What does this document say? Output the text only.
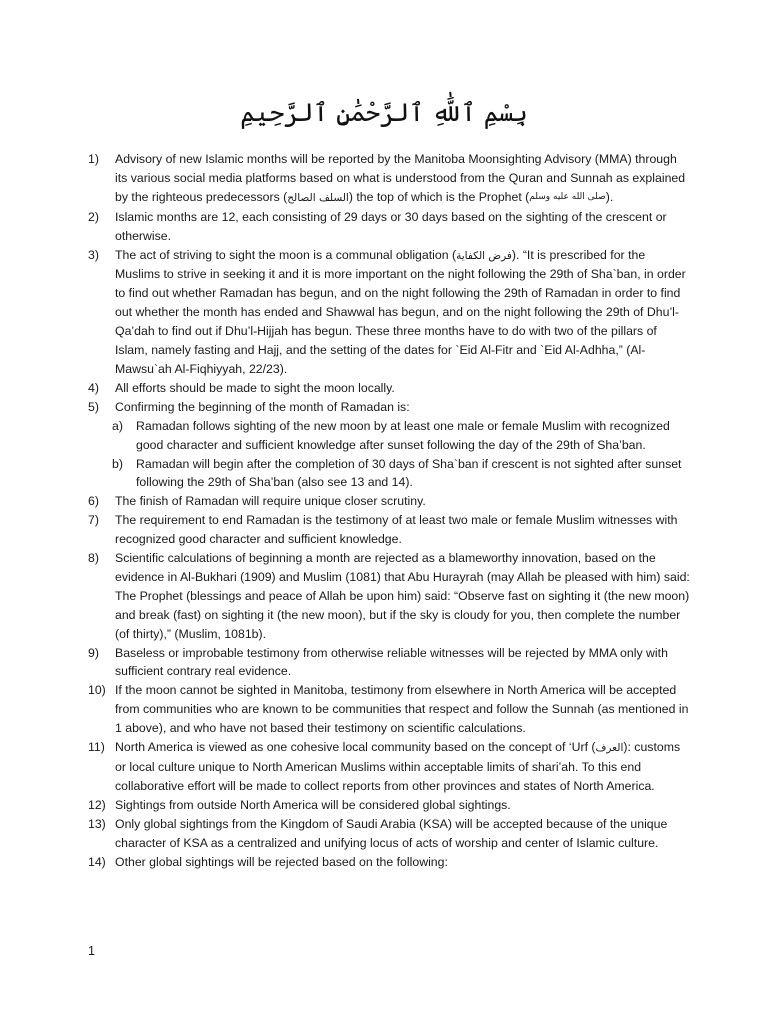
بِسْمِ ٱللَّٰهِ ٱلرَّحْمَٰنِ ٱلرَّحِيمِ
1) Advisory of new Islamic months will be reported by the Manitoba Moonsighting Advisory (MMA) through its various social media platforms based on what is understood from the Quran and Sunnah as explained by the righteous predecessors (السلف الصالح) the top of which is the Prophet (صلى الله عليه وسلم).
2) Islamic months are 12, each consisting of 29 days or 30 days based on the sighting of the crescent or otherwise.
3) The act of striving to sight the moon is a communal obligation (فرض الكفاية). “It is prescribed for the Muslims to strive in seeking it and it is more important on the night following the 29th of Sha`ban, in order to find out whether Ramadan has begun, and on the night following the 29th of Ramadan in order to find out whether the month has ended and Shawwal has begun, and on the night following the 29th of Dhu’l-Qa’dah to find out if Dhu’l-Hijjah has begun. These three months have to do with two of the pillars of Islam, namely fasting and Hajj, and the setting of the dates for `Eid Al-Fitr and `Eid Al-Adhha,” (Al-Mawsu`ah Al-Fiqhiyyah, 22/23).
4) All efforts should be made to sight the moon locally.
5) Confirming the beginning of the month of Ramadan is:
a) Ramadan follows sighting of the new moon by at least one male or female Muslim with recognized good character and sufficient knowledge after sunset following the day of the 29th of Sha’ban.
b) Ramadan will begin after the completion of 30 days of Sha`ban if crescent is not sighted after sunset following the 29th of Sha’ban (also see 13 and 14).
6) The finish of Ramadan will require unique closer scrutiny.
7) The requirement to end Ramadan is the testimony of at least two male or female Muslim witnesses with recognized good character and sufficient knowledge.
8) Scientific calculations of beginning a month are rejected as a blameworthy innovation, based on the evidence in Al-Bukhari (1909) and Muslim (1081) that Abu Hurayrah (may Allah be pleased with him) said: The Prophet (blessings and peace of Allah be upon him) said: “Observe fast on sighting it (the new moon) and break (fast) on sighting it (the new moon), but if the sky is cloudy for you, then complete the number (of thirty),” (Muslim, 1081b).
9) Baseless or improbable testimony from otherwise reliable witnesses will be rejected by MMA only with sufficient contrary real evidence.
10) If the moon cannot be sighted in Manitoba, testimony from elsewhere in North America will be accepted from communities who are known to be communities that respect and follow the Sunnah (as mentioned in 1 above), and who have not based their testimony on scientific calculations.
11) North America is viewed as one cohesive local community based on the concept of ‘Urf (العرف): customs or local culture unique to North American Muslims within acceptable limits of shari’ah. To this end collaborative effort will be made to collect reports from other provinces and states of North America.
12) Sightings from outside North America will be considered global sightings.
13) Only global sightings from the Kingdom of Saudi Arabia (KSA) will be accepted because of the unique character of KSA as a centralized and unifying locus of acts of worship and center of Islamic culture.
14) Other global sightings will be rejected based on the following:
1
